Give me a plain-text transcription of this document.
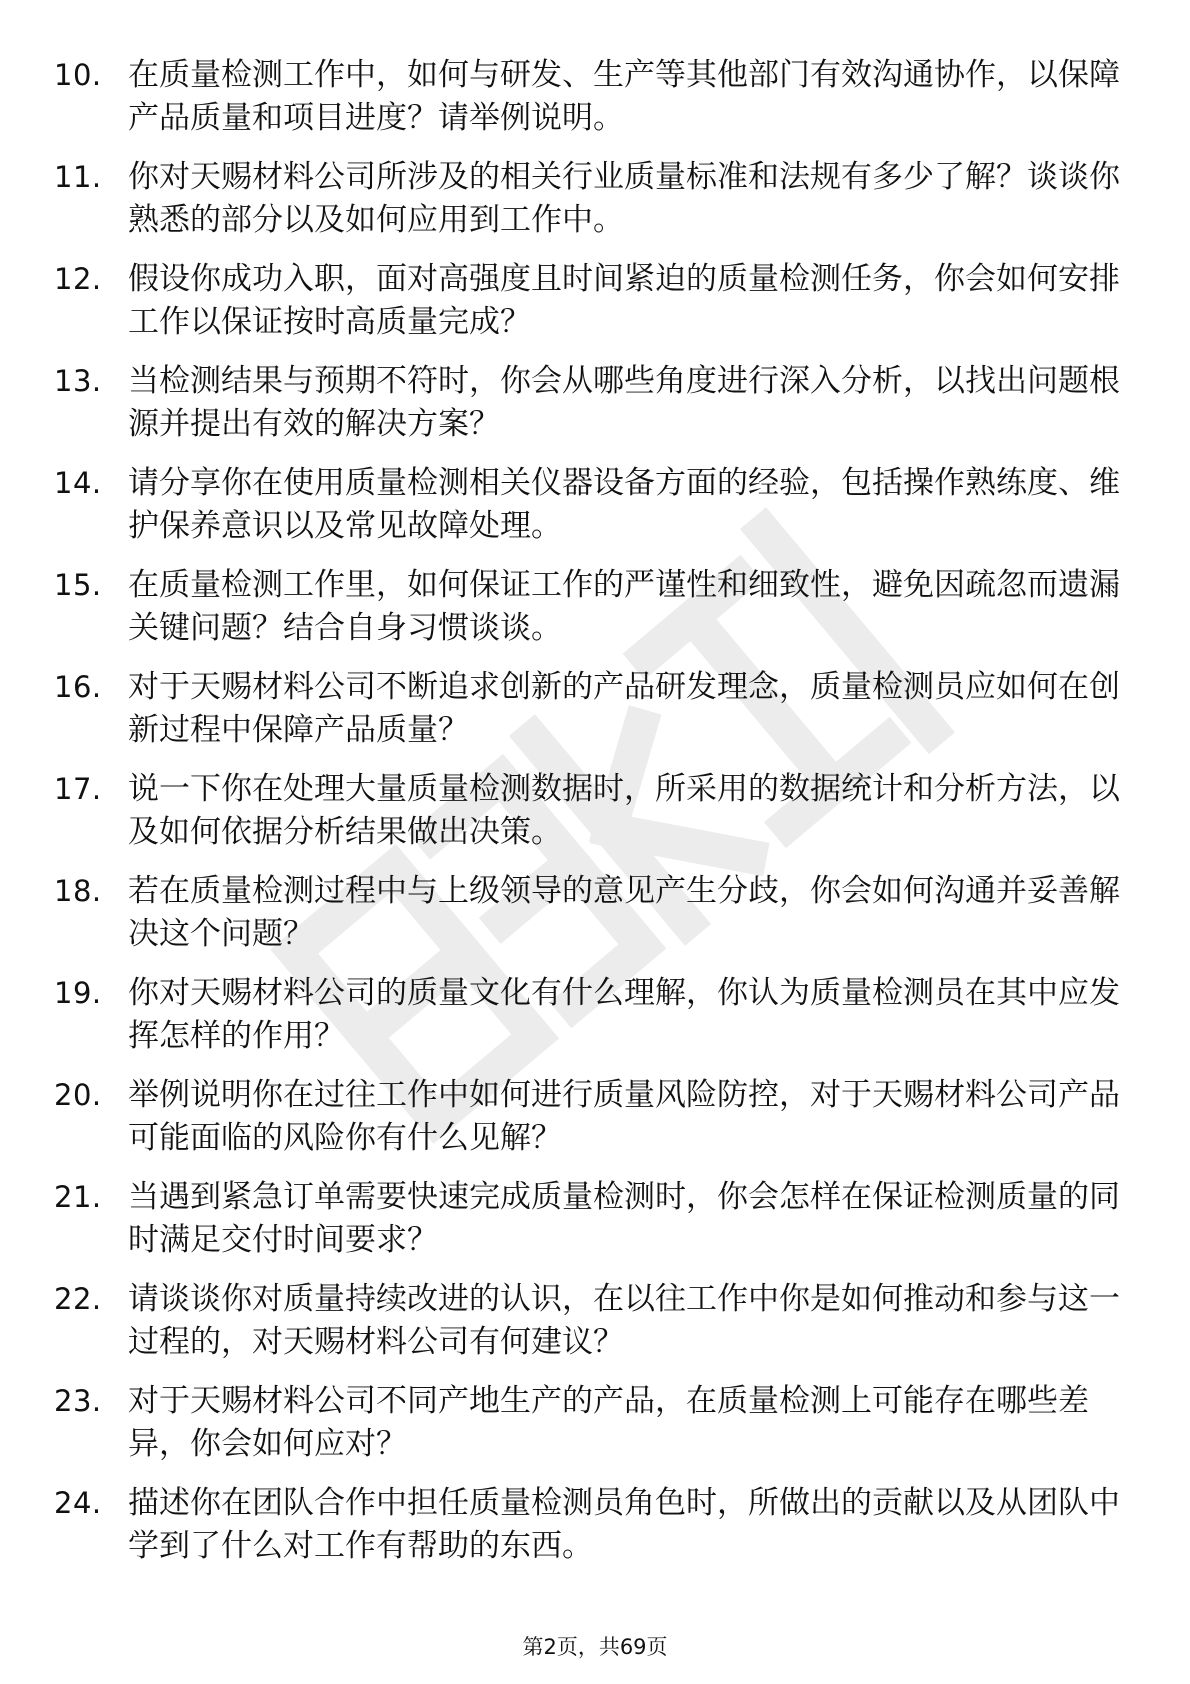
10. 在质量检测工作中，如何与研发、生产等其他部门有效沟通协作，以保障产品质量和项目进度？请举例说明。
11. 你对天赐材料公司所涉及的相关行业质量标准和法规有多少了解？谈谈你熟悉的部分以及如何应用到工作中。
12. 假设你成功入职，面对高强度且时间紧迫的质量检测任务，你会如何安排工作以保证按时高质量完成？
13. 当检测结果与预期不符时，你会从哪些角度进行深入分析，以找出问题根源并提出有效的解决方案？
14. 请分享你在使用质量检测相关仪器设备方面的经验，包括操作熟练度、维护保养意识以及常见故障处理。
15. 在质量检测工作里，如何保证工作的严谨性和细致性，避免因疏忽而遗漏关键问题？结合自身习惯谈谈。
16. 对于天赐材料公司不断追求创新的产品研发理念，质量检测员应如何在创新过程中保障产品质量？
17. 说一下你在处理大量质量检测数据时，所采用的数据统计和分析方法，以及如何依据分析结果做出决策。
18. 若在质量检测过程中与上级领导的意见产生分歧，你会如何沟通并妥善解决这个问题？
19. 你对天赐材料公司的质量文化有什么理解，你认为质量检测员在其中应发挥怎样的作用？
20. 举例说明你在过往工作中如何进行质量风险防控，对于天赐材料公司产品可能面临的风险你有什么见解？
21. 当遇到紧急订单需要快速完成质量检测时，你会怎样在保证检测质量的同时满足交付时间要求？
22. 请谈谈你对质量持续改进的认识，在以往工作中你是如何推动和参与这一过程的，对天赐材料公司有何建议？
23. 对于天赐材料公司不同产地生产的产品，在质量检测上可能存在哪些差异，你会如何应对？
24. 描述你在团队合作中担任质量检测员角色时，所做出的贡献以及从团队中学到了什么对工作有帮助的东西。
第2页，共69页
